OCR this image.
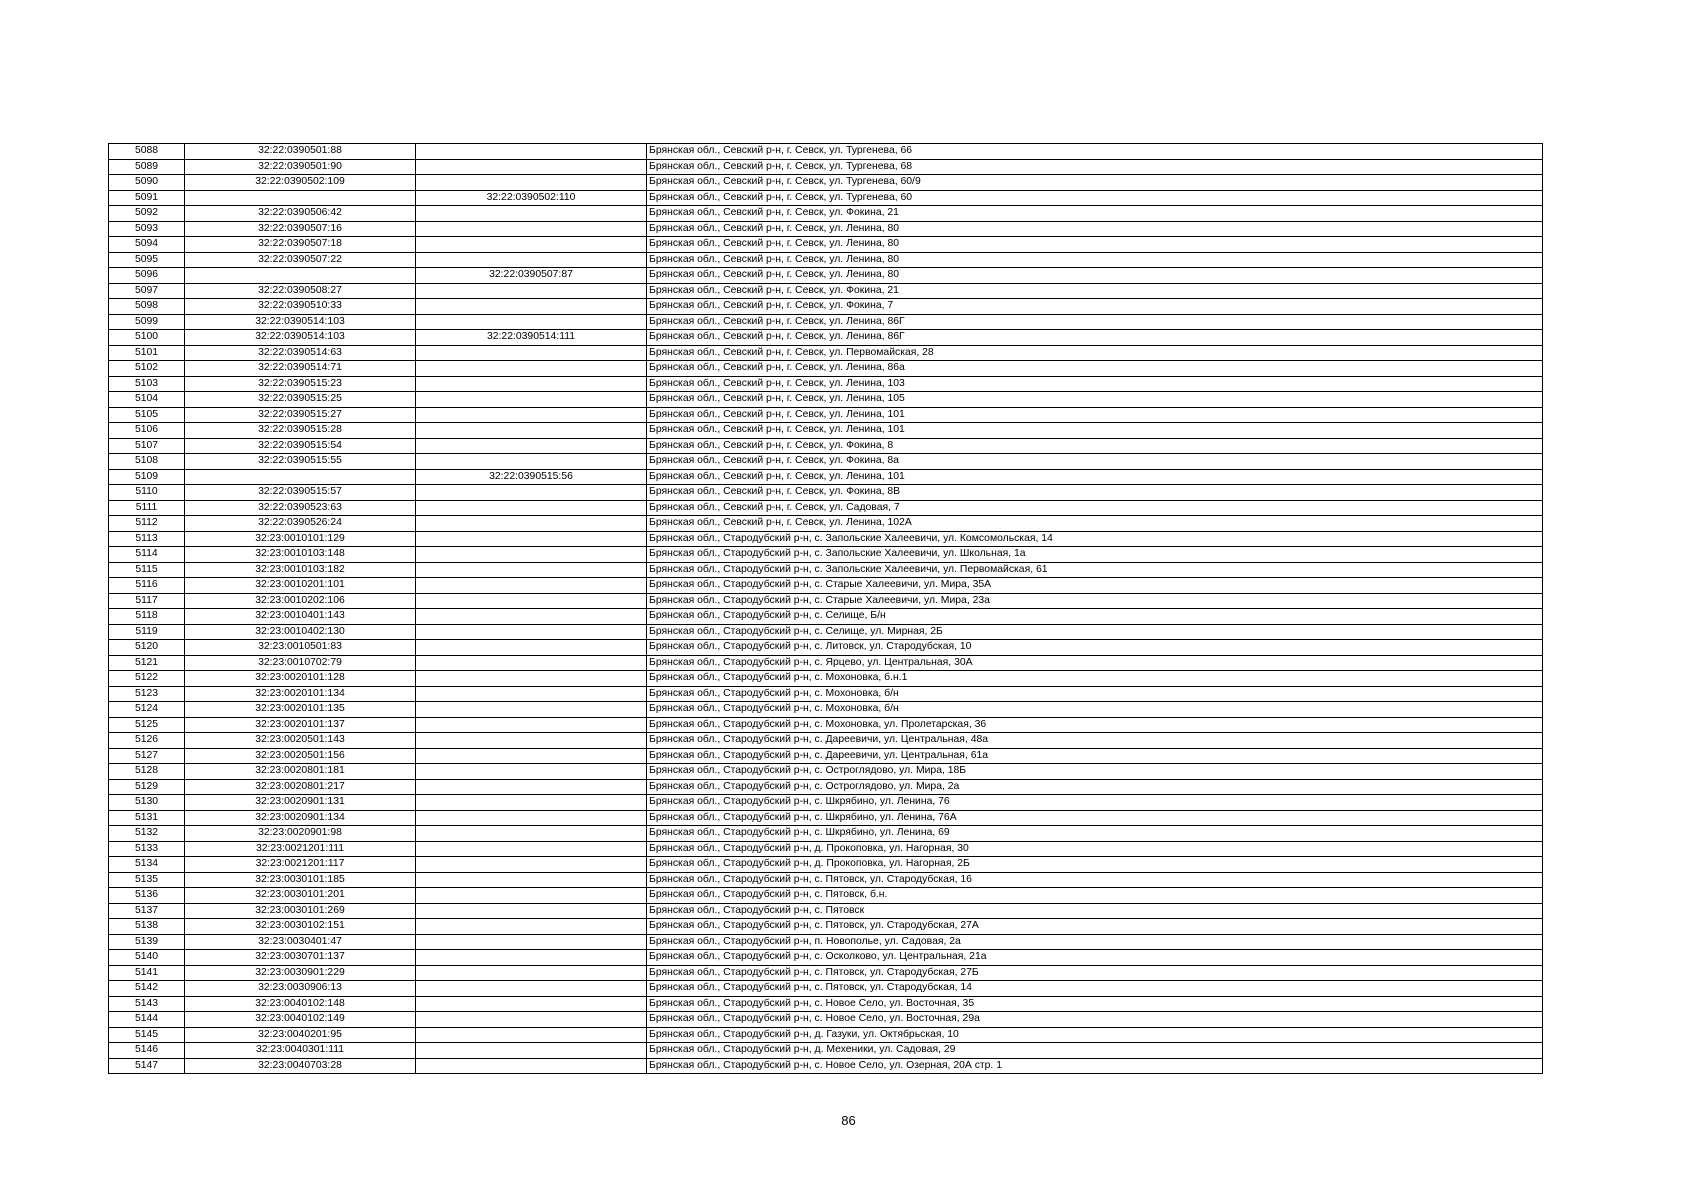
5088	32:22:0390501:88		Брянская обл., Севский р-н, г. Севск, ул. Тургенева, 66
5089	32:22:0390501:90		Брянская обл., Севский р-н, г. Севск, ул. Тургенева, 68
5090	32:22:0390502:109		Брянская обл., Севский р-н, г. Севск, ул. Тургенева, 60/9
5091		32:22:0390502:110	Брянская обл., Севский р-н, г. Севск, ул. Тургенева, 60
5092	32:22:0390506:42		Брянская обл., Севский р-н, г. Севск, ул. Фокина, 21
5093	32:22:0390507:16		Брянская обл., Севский р-н, г. Севск, ул. Ленина, 80
5094	32:22:0390507:18		Брянская обл., Севский р-н, г. Севск, ул. Ленина, 80
5095	32:22:0390507:22		Брянская обл., Севский р-н, г. Севск, ул. Ленина, 80
5096		32:22:0390507:87	Брянская обл., Севский р-н, г. Севск, ул. Ленина, 80
5097	32:22:0390508:27		Брянская обл., Севский р-н, г. Севск, ул. Фокина, 21
5098	32:22:0390510:33		Брянская обл., Севский р-н, г. Севск, ул. Фокина, 7
5099	32:22:0390514:103		Брянская обл., Севский р-н, г. Севск, ул. Ленина, 86Г
5100	32:22:0390514:103	32:22:0390514:111	Брянская обл., Севский р-н, г. Севск, ул. Ленина, 86Г
5101	32:22:0390514:63		Брянская обл., Севский р-н, г. Севск, ул. Первомайская, 28
5102	32:22:0390514:71		Брянская обл., Севский р-н, г. Севск, ул. Ленина, 86а
5103	32:22:0390515:23		Брянская обл., Севский р-н, г. Севск, ул. Ленина, 103
5104	32:22:0390515:25		Брянская обл., Севский р-н, г. Севск, ул. Ленина, 105
5105	32:22:0390515:27		Брянская обл., Севский р-н, г. Севск, ул. Ленина, 101
5106	32:22:0390515:28		Брянская обл., Севский р-н, г. Севск, ул. Ленина, 101
5107	32:22:0390515:54		Брянская обл., Севский р-н, г. Севск, ул. Фокина, 8
5108	32:22:0390515:55		Брянская обл., Севский р-н, г. Севск, ул. Фокина, 8а
5109		32:22:0390515:56	Брянская обл., Севский р-н, г. Севск, ул. Ленина, 101
5110	32:22:0390515:57		Брянская обл., Севский р-н, г. Севск, ул. Фокина, 8В
5111	32:22:0390523:63		Брянская обл., Севский р-н, г. Севск, ул. Садовая, 7
5112	32:22:0390526:24		Брянская обл., Севский р-н, г. Севск, ул. Ленина, 102А
5113	32:23:0010101:129		Брянская обл., Стародубский р-н, с. Запольские Халеевичи, ул. Комсомольская, 14
5114	32:23:0010103:148		Брянская обл., Стародубский р-н, с. Запольские Халеевичи, ул. Школьная, 1а
5115	32:23:0010103:182		Брянская обл., Стародубский р-н, с. Запольские Халеевичи, ул. Первомайская, 61
5116	32:23:0010201:101		Брянская обл., Стародубский р-н, с. Старые Халеевичи, ул. Мира, 35А
5117	32:23:0010202:106		Брянская обл., Стародубский р-н, с. Старые Халеевичи, ул. Мира, 23а
5118	32:23:0010401:143		Брянская обл., Стародубский р-н, с. Селище, Б/н
5119	32:23:0010402:130		Брянская обл., Стародубский р-н, с. Селище, ул. Мирная, 2Б
5120	32:23:0010501:83		Брянская обл., Стародубский р-н, с. Литовск, ул. Стародубская, 10
5121	32:23:0010702:79		Брянская обл., Стародубский р-н, с. Ярцево, ул. Центральная, 30А
5122	32:23:0020101:128		Брянская обл., Стародубский р-н, с. Мохоновка, б.н.1
5123	32:23:0020101:134		Брянская обл., Стародубский р-н, с. Мохоновка, б/н
5124	32:23:0020101:135		Брянская обл., Стародубский р-н, с. Мохоновка, б/н
5125	32:23:0020101:137		Брянская обл., Стародубский р-н, с. Мохоновка, ул. Пролетарская, 36
5126	32:23:0020501:143		Брянская обл., Стародубский р-н, с. Дареевичи, ул. Центральная, 48а
5127	32:23:0020501:156		Брянская обл., Стародубский р-н, с. Дареевичи, ул. Центральная, 61а
5128	32:23:0020801:181		Брянская обл., Стародубский р-н, с. Остроглядово, ул. Мира, 18Б
5129	32:23:0020801:217		Брянская обл., Стародубский р-н, с. Остроглядово, ул. Мира, 2а
5130	32:23:0020901:131		Брянская обл., Стародубский р-н, с. Шкрябино, ул. Ленина, 76
5131	32:23:0020901:134		Брянская обл., Стародубский р-н, с. Шкрябино, ул. Ленина, 76А
5132	32:23:0020901:98		Брянская обл., Стародубский р-н, с. Шкрябино, ул. Ленина, 69
5133	32:23:0021201:111		Брянская обл., Стародубский р-н, д. Прокоповка, ул. Нагорная, 30
5134	32:23:0021201:117		Брянская обл., Стародубский р-н, д. Прокоповка, ул. Нагорная, 2Б
5135	32:23:0030101:185		Брянская обл., Стародубский р-н, с. Пятовск, ул. Стародубская, 16
5136	32:23:0030101:201		Брянская обл., Стародубский р-н, с. Пятовск, б.н.
5137	32:23:0030101:269		Брянская обл., Стародубский р-н, с. Пятовск
5138	32:23:0030102:151		Брянская обл., Стародубский р-н, с. Пятовск, ул. Стародубская, 27А
5139	32:23:0030401:47		Брянская обл., Стародубский р-н, п. Новополье, ул. Садовая, 2а
5140	32:23:0030701:137		Брянская обл., Стародубский р-н, с. Осколково, ул. Центральная, 21а
5141	32:23:0030901:229		Брянская обл., Стародубский р-н, с. Пятовск, ул. Стародубская, 27Б
5142	32:23:0030906:13		Брянская обл., Стародубский р-н, с. Пятовск, ул. Стародубская, 14
5143	32:23:0040102:148		Брянская обл., Стародубский р-н, с. Новое Село, ул. Восточная, 35
5144	32:23:0040102:149		Брянская обл., Стародубский р-н, с. Новое Село, ул. Восточная, 29а
5145	32:23:0040201:95		Брянская обл., Стародубский р-н, д. Газуки, ул. Октябрьская, 10
5146	32:23:0040301:111		Брянская обл., Стародубский р-н, д. Мехеники, ул. Садовая, 29
5147	32:23:0040703:28		Брянская обл., Стародубский р-н, с. Новое Село, ул. Озерная, 20А стр. 1
86
